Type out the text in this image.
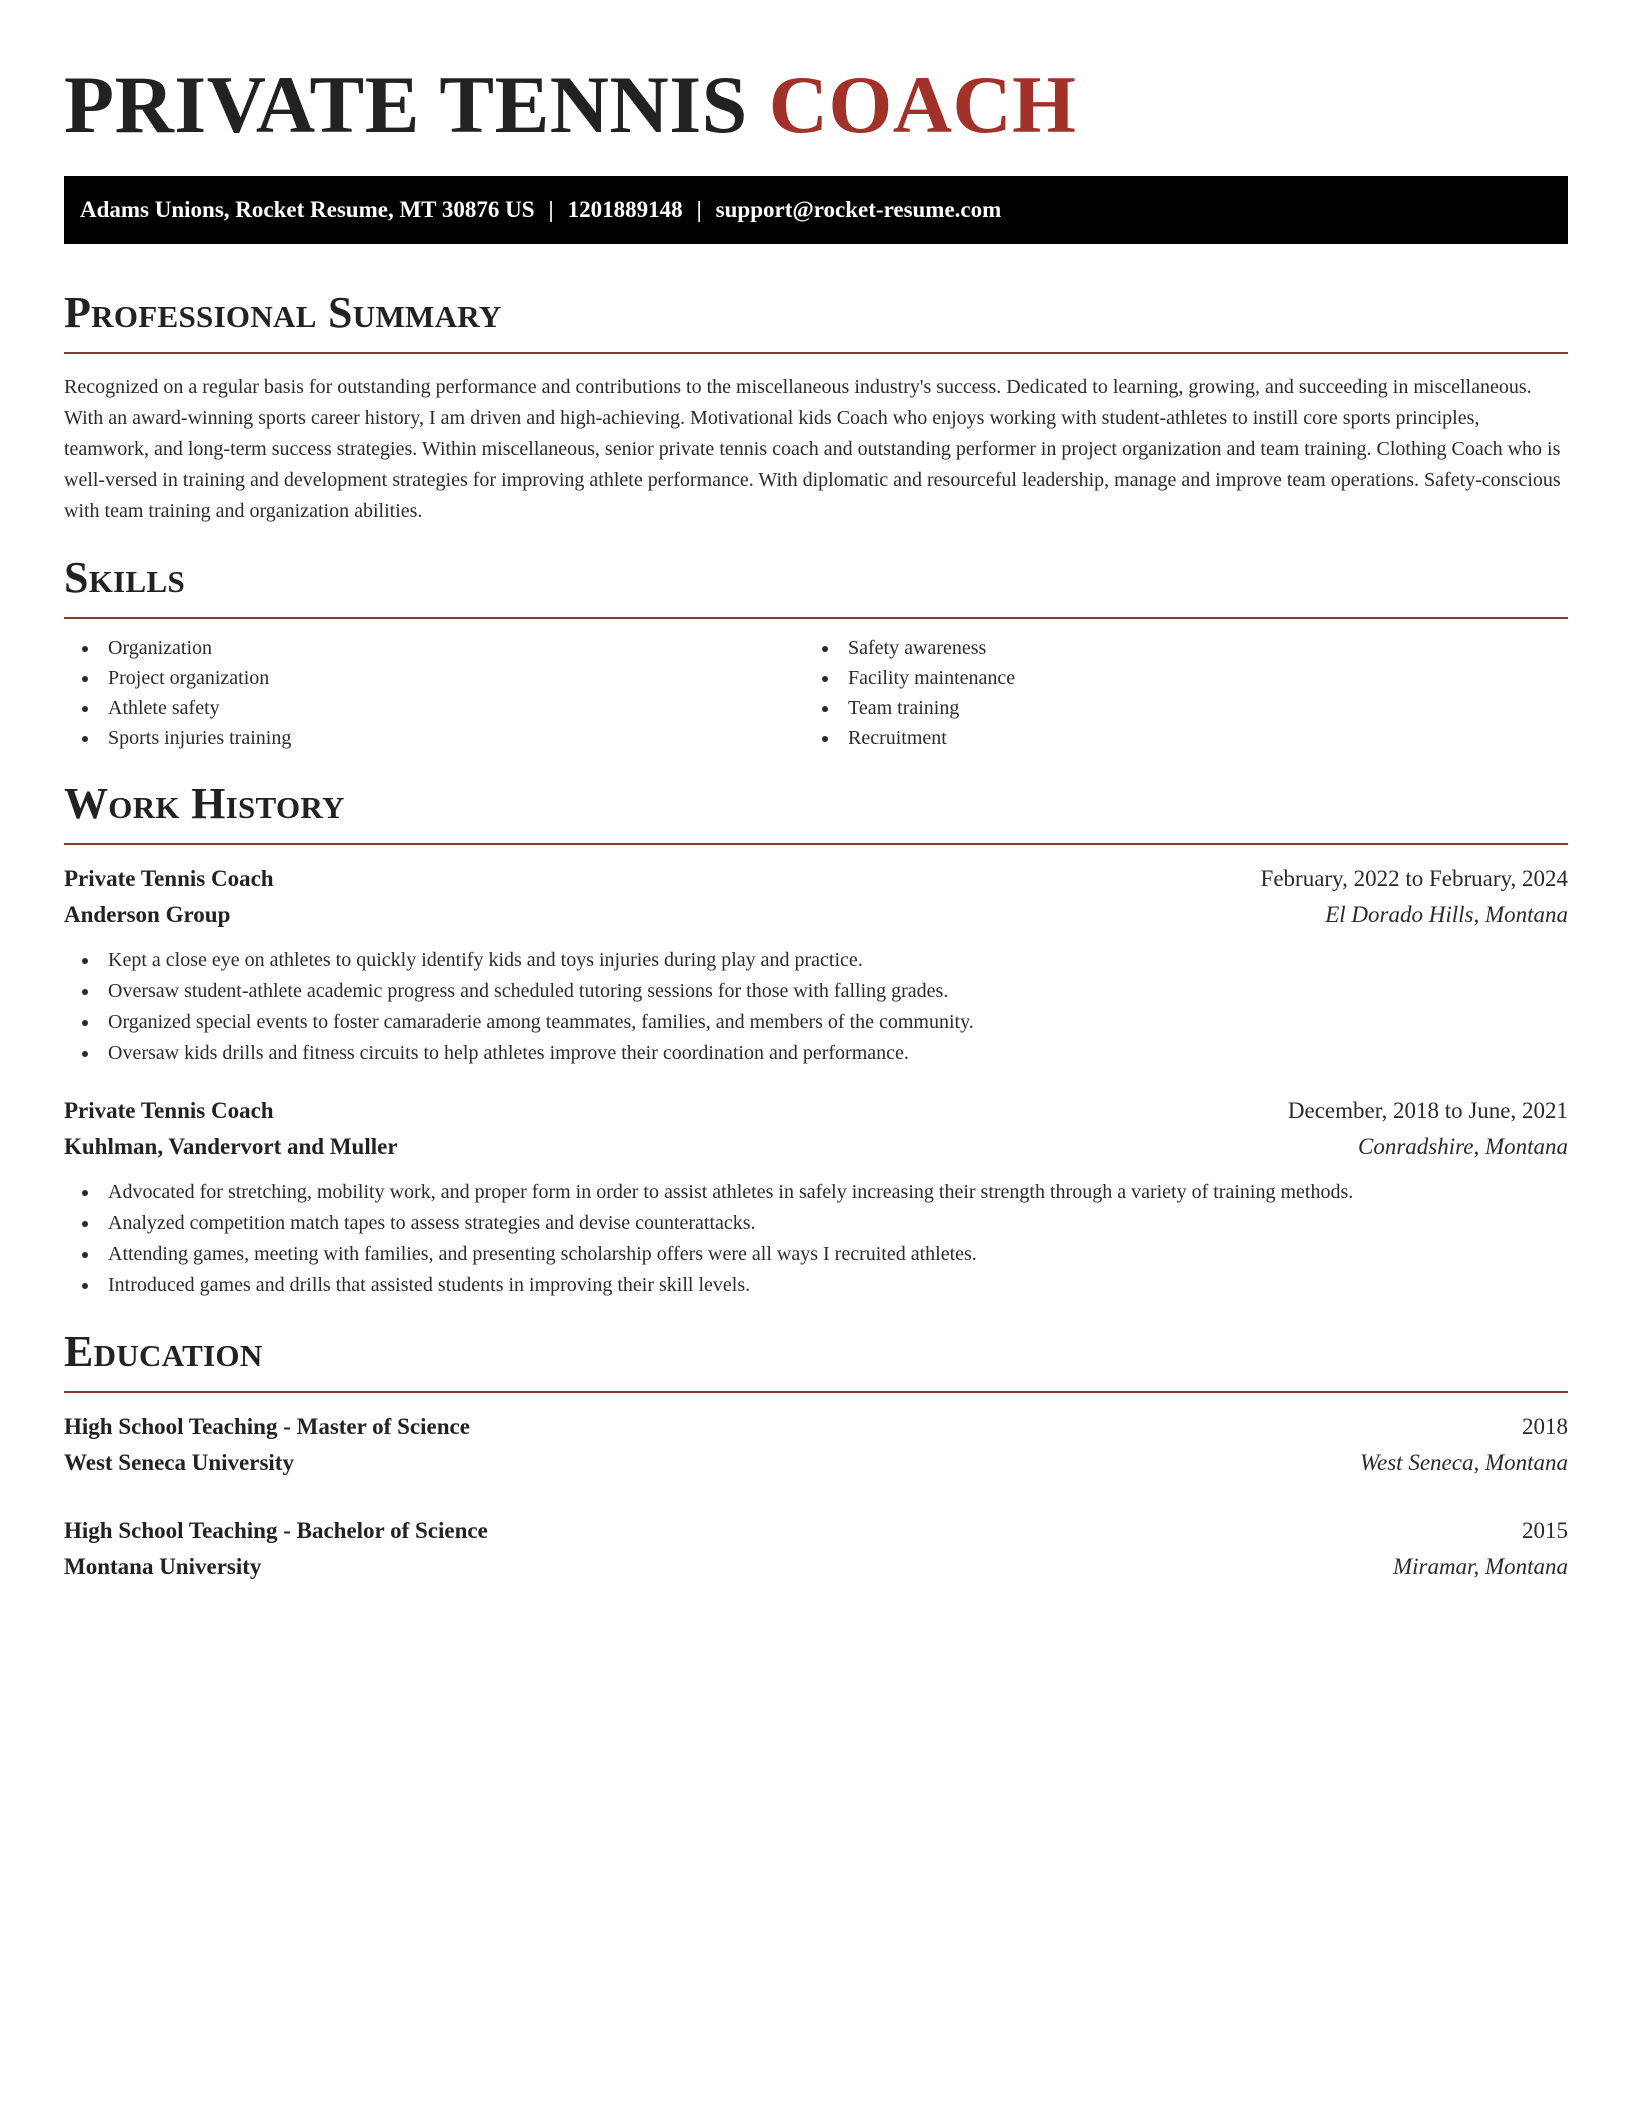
PRIVATE TENNIS COACH
Adams Unions, Rocket Resume, MT 30876 US | 1201889148 | support@rocket-resume.com
Professional Summary

Recognized on a regular basis for outstanding performance and contributions to the miscellaneous industry's success. Dedicated to learning, growing, and succeeding in miscellaneous. With an award-winning sports career history, I am driven and high-achieving. Motivational kids Coach who enjoys working with student-athletes to instill core sports principles, teamwork, and long-term success strategies. Within miscellaneous, senior private tennis coach and outstanding performer in project organization and team training. Clothing Coach who is well-versed in training and development strategies for improving athlete performance. With diplomatic and resourceful leadership, manage and improve team operations. Safety-conscious with team training and organization abilities.

Skills
Organization
Project organization
Athlete safety
Sports injuries training
Safety awareness
Facility maintenance
Team training
Recruitment
Work History
Private Tennis Coach	February, 2022 to February, 2024
Anderson Group	El Dorado Hills, Montana
Kept a close eye on athletes to quickly identify kids and toys injuries during play and practice.
Oversaw student-athlete academic progress and scheduled tutoring sessions for those with falling grades.
Organized special events to foster camaraderie among teammates, families, and members of the community.
Oversaw kids drills and fitness circuits to help athletes improve their coordination and performance.
Private Tennis Coach	December, 2018 to June, 2021
Kuhlman, Vandervort and Muller	Conradshire, Montana
Advocated for stretching, mobility work, and proper form in order to assist athletes in safely increasing their strength through a variety of training methods.
Analyzed competition match tapes to assess strategies and devise counterattacks.
Attending games, meeting with families, and presenting scholarship offers were all ways I recruited athletes.
Introduced games and drills that assisted students in improving their skill levels.
Education
High School Teaching - Master of Science	2018
West Seneca University	West Seneca, Montana
High School Teaching - Bachelor of Science	2015
Montana University	Miramar, Montana
